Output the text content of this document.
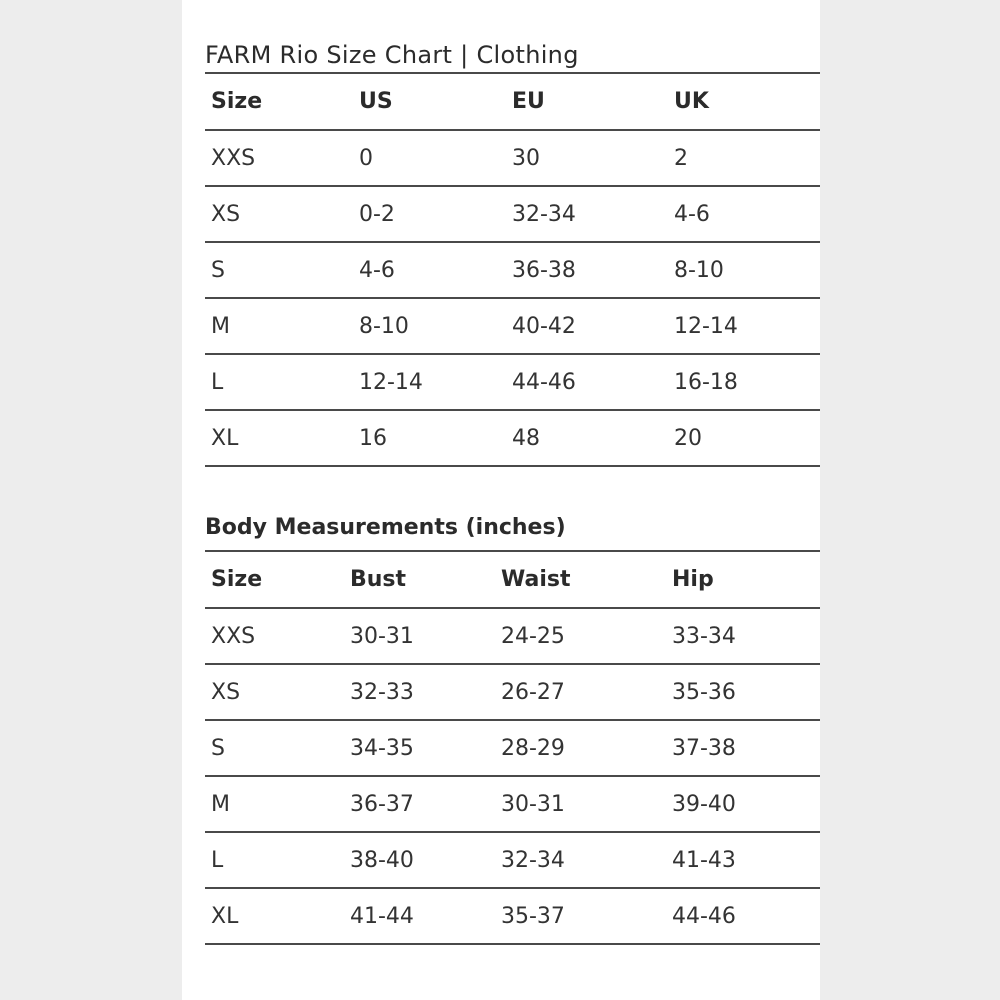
FARM Rio Size Chart | Clothing
Size	US	EU	UK
XXS	0	30	2
XS	0-2	32-34	4-6
S	4-6	36-38	8-10
M	8-10	40-42	12-14
L	12-14	44-46	16-18
XL	16	48	20
Body Measurements (inches)
Size	Bust	Waist	Hip
XXS	30-31	24-25	33-34
XS	32-33	26-27	35-36
S	34-35	28-29	37-38
M	36-37	30-31	39-40
L	38-40	32-34	41-43
XL	41-44	35-37	44-46
